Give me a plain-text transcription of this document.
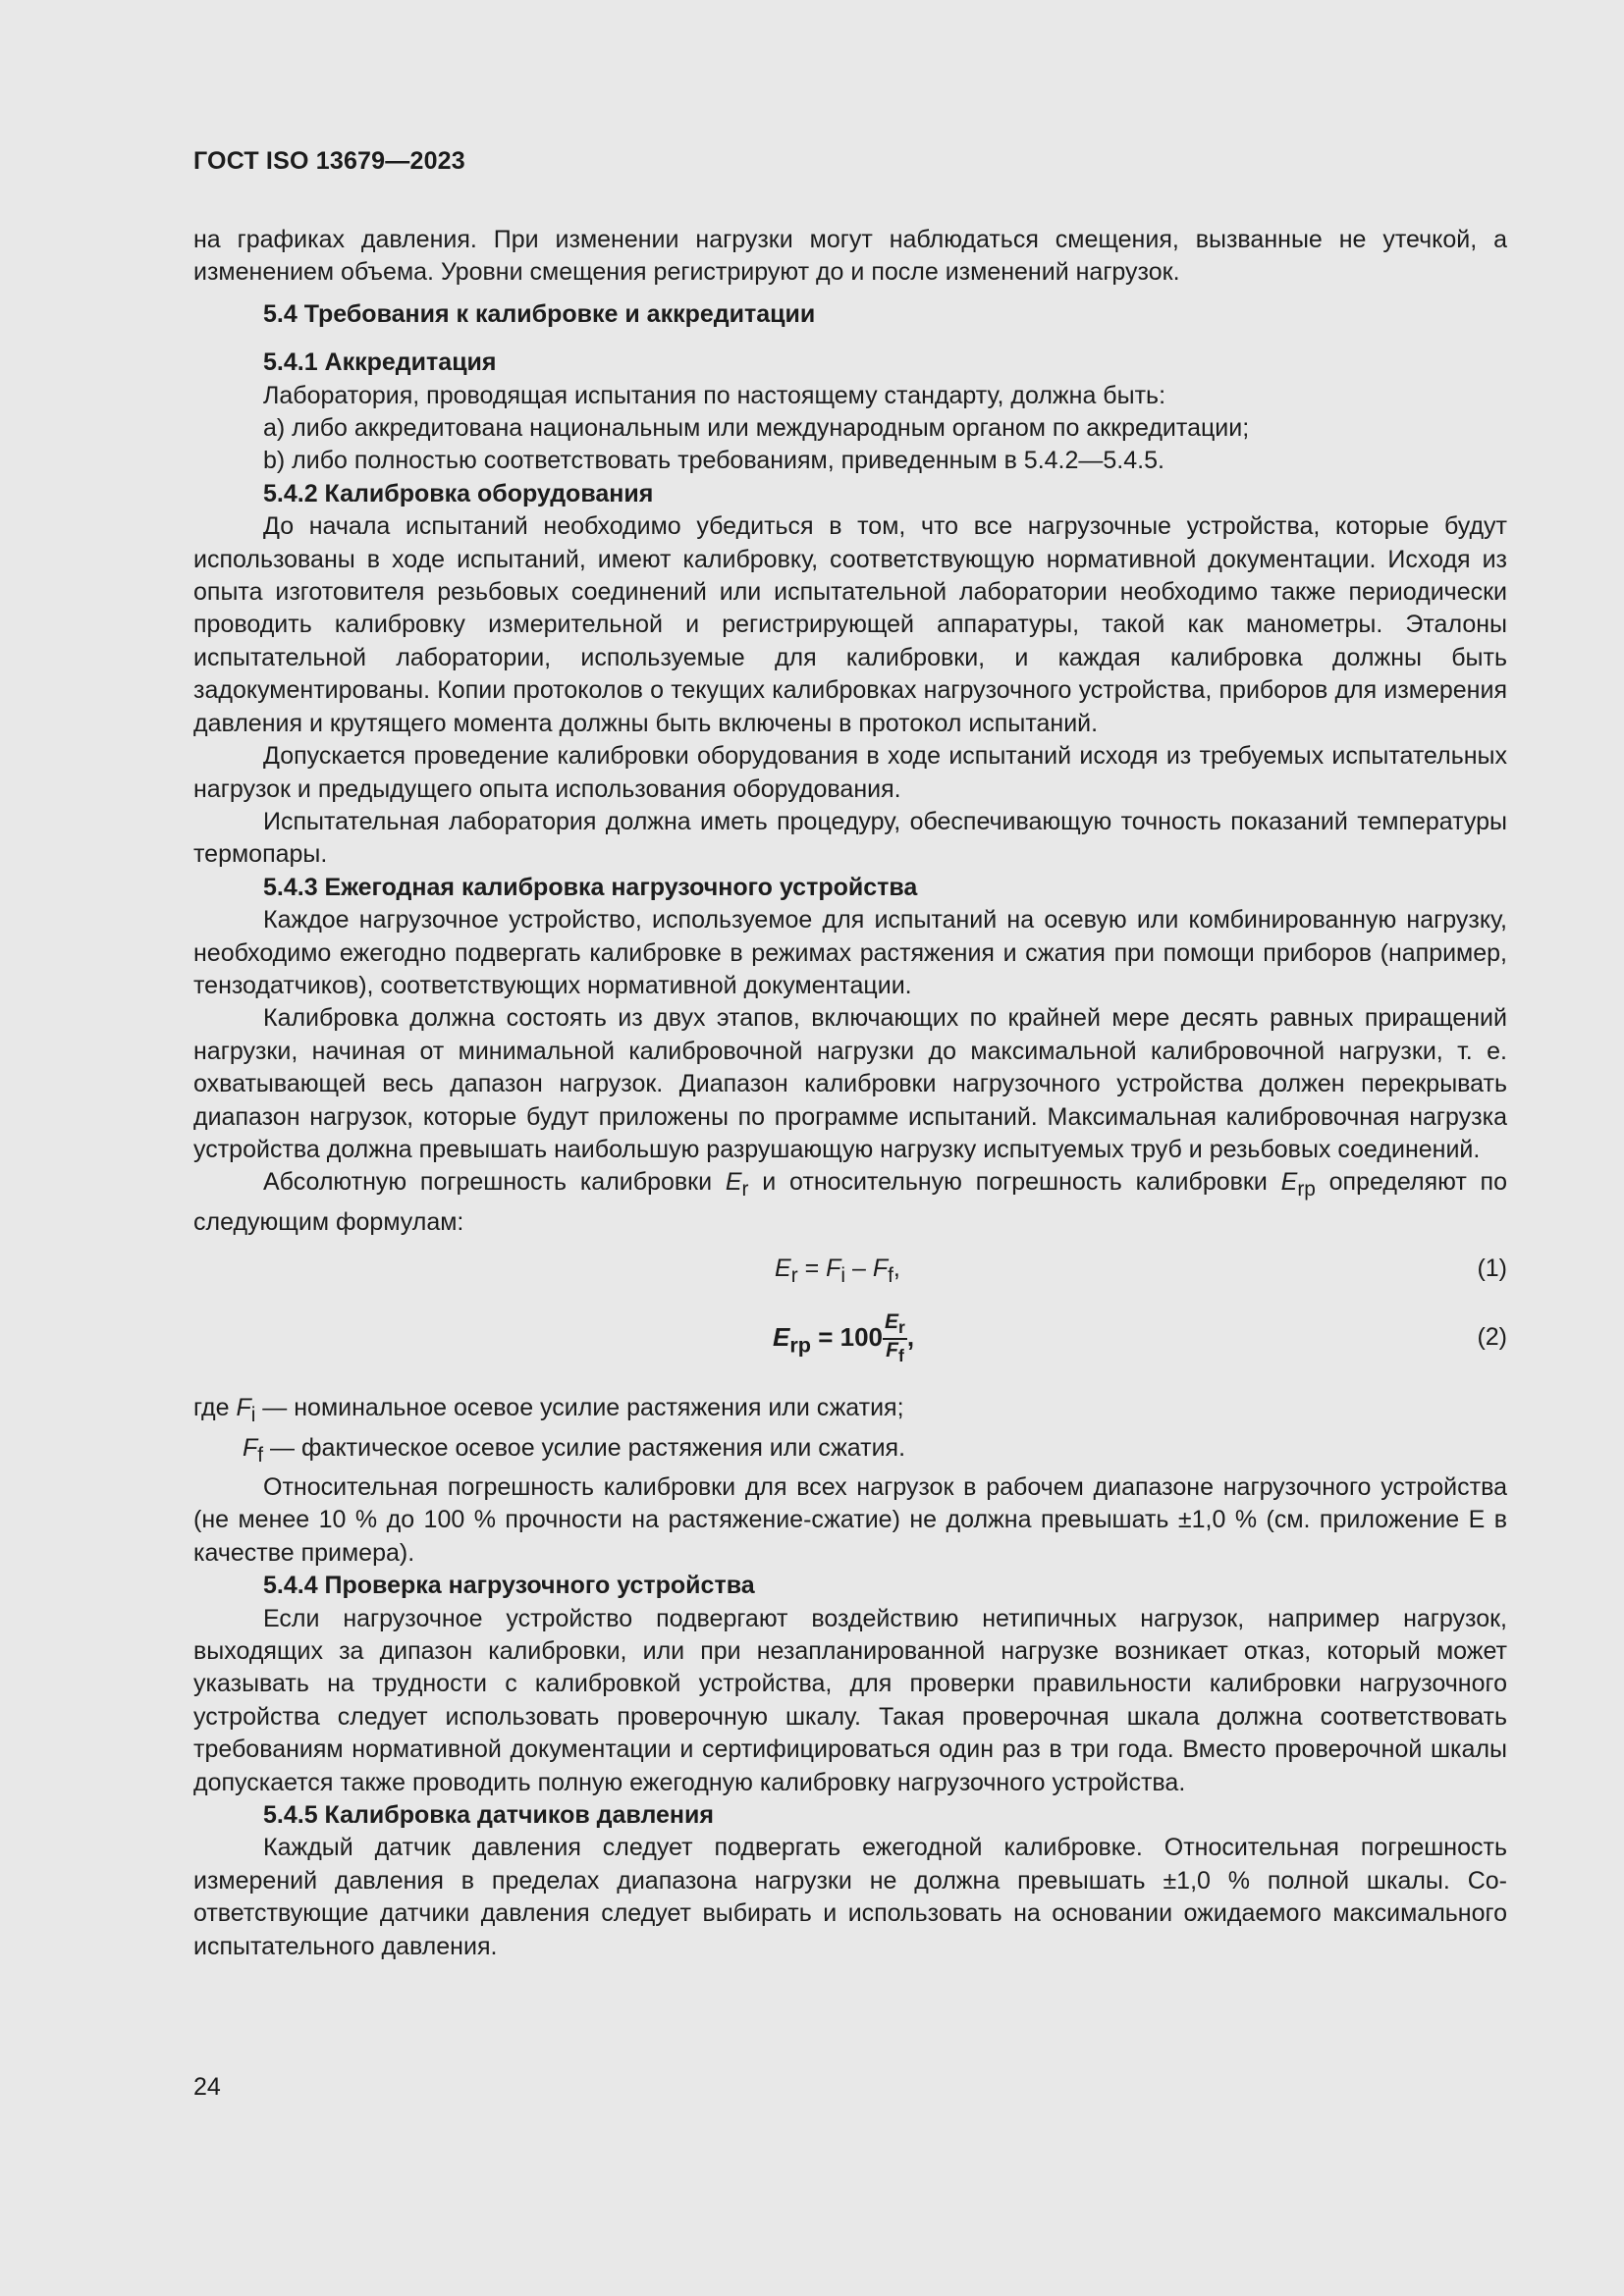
ГОСТ ISO 13679—2023

на графиках давления. При изменении нагрузки могут наблюдаться смещения, вызванные не утечкой, а изменением объема. Уровни смещения регистрируют до и после изменений нагрузок.

5.4 Требования к калибровке и аккредитации

5.4.1 Аккредитация

Лаборатория, проводящая испытания по настоящему стандарту, должна быть:

a) либо аккредитована национальным или международным органом по аккредитации;

b) либо полностью соответствовать требованиям, приведенным в 5.4.2—5.4.5.

5.4.2 Калибровка оборудования

До начала испытаний необходимо убедиться в том, что все нагрузочные устройства, которые будут использованы в ходе испытаний, имеют калибровку, соответствующую нормативной документации. Исходя из опыта изготовителя резьбовых соединений или испытательной лаборатории необходимо также периодически проводить калибровку измерительной и регистрирующей аппаратуры, такой как манометры. Эталоны испытательной лаборатории, используемые для калибровки, и каждая калибровка должны быть задокументированы. Копии протоколов о текущих калибровках нагрузочного устройства, приборов для измерения давления и крутящего момента должны быть включены в протокол испытаний.

Допускается проведение калибровки оборудования в ходе испытаний исходя из требуемых испытательных нагрузок и предыдущего опыта использования оборудования.

Испытательная лаборатория должна иметь процедуру, обеспечивающую точность показаний температуры термопары.

5.4.3 Ежегодная калибровка нагрузочного устройства

Каждое нагрузочное устройство, используемое для испытаний на осевую или комбинированную нагрузку, необходимо ежегодно подвергать калибровке в режимах растяжения и сжатия при помощи приборов (например, тензодатчиков), соответствующих нормативной документации.

Калибровка должна состоять из двух этапов, включающих по крайней мере десять равных приращений нагрузки, начиная от минимальной калибровочной нагрузки до максимальной калибровочной нагрузки, т. е. охватывающей весь дапазон нагрузок. Диапазон калибровки нагрузочного устройства должен перекрывать диапазон нагрузок, которые будут приложены по программе испытаний. Максимальная калибровочная нагрузка устройства должна превышать наибольшую разрушающую нагрузку испытуемых труб и резьбовых соединений.

Абсолютную погрешность калибровки $E_r$ и относительную погрешность калибровки $E_{rp}$ определяют по следующим формулам:

$E_r = F_i - F_f$,	(1)
$E_{rp} = 100 \frac{E_r}{F_f}$ ,	(2)

где $F_i$ — номинальное осевое усилие растяжения или сжатия;

$F_f$ — фактическое осевое усилие растяжения или сжатия.

Относительная погрешность калибровки для всех нагрузок в рабочем диапазоне нагрузочного устройства (не менее 10 % до 100 % прочности на растяжение-сжатие) не должна превышать ±1,0 % (см. приложение Е в качестве примера).

5.4.4 Проверка нагрузочного устройства

Если нагрузочное устройство подвергают воздействию нетипичных нагрузок, например нагрузок, выходящих за дипазон калибровки, или при незапланированной нагрузке возникает отказ, который может указывать на трудности с калибровкой устройства, для проверки правильности калибровки нагрузочного устройства следует использовать проверочную шкалу. Такая проверочная шкала должна соответствовать требованиям нормативной документации и сертифицироваться один раз в три года. Вместо проверочной шкалы допускается также проводить полную ежегодную калибровку нагрузочного устройства.

5.4.5 Калибровка датчиков давления

Каждый датчик давления следует подвергать ежегодной калибровке. Относительная погрешность измерений давления в пределах диапазона нагрузки не должна превышать ±1,0 % полной шкалы. Соответствующие датчики давления следует выбирать и использовать на основании ожидаемого максимального испытательного давления.

24
